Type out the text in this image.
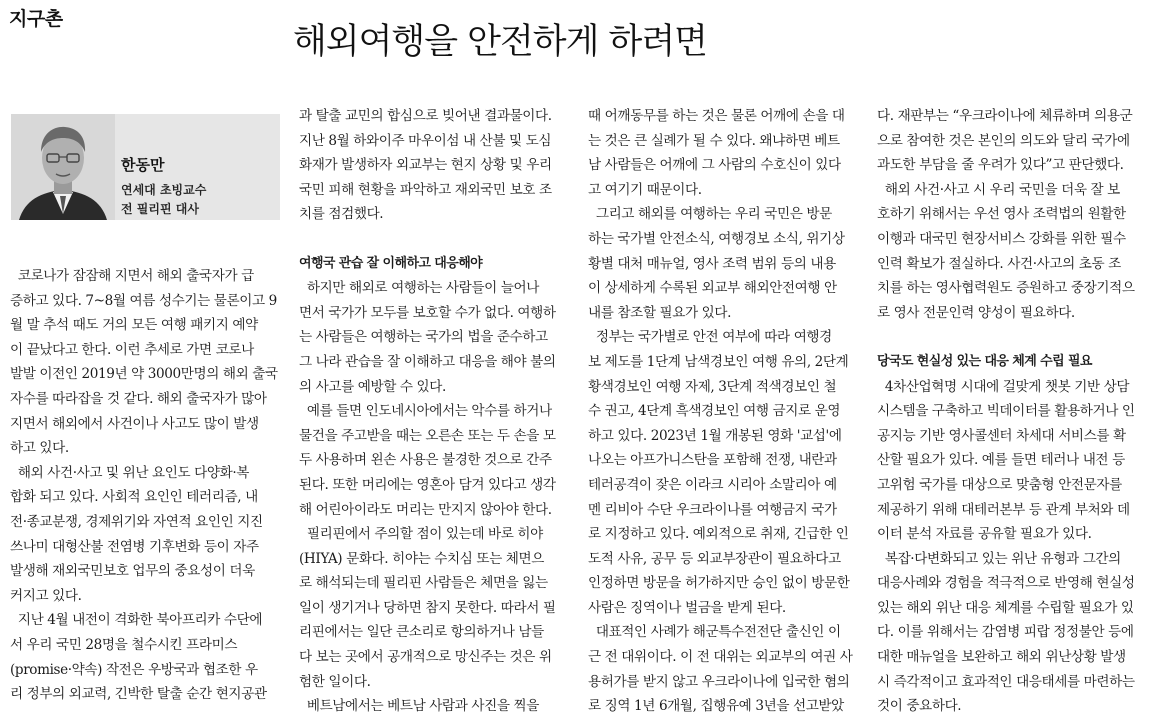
지구촌
해외여행을 안전하게 하려면

한동만

연세대 초빙교수

전 필리핀 대사

코로나가 잠잠해 지면서 해외 출국자가 급
증하고 있다. 7~8월 여름 성수기는 물론이고 9
월 말 추석 때도 거의 모든 여행 패키지 예약
이 끝났다고 한다. 이런 추세로 가면 코로나
발발 이전인 2019년 약 3000만명의 해외 출국
자수를 따라잡을 것 같다. 해외 출국자가 많아
지면서 해외에서 사건이나 사고도 많이 발생
하고 있다.
해외 사건·사고 및 위난 요인도 다양화·복
합화 되고 있다. 사회적 요인인 테러리즘, 내
전·종교분쟁, 경제위기와 자연적 요인인 지진
쓰나미 대형산불 전염병 기후변화 등이 자주
발생해 재외국민보호 업무의 중요성이 더욱
커지고 있다.
지난 4월 내전이 격화한 북아프리카 수단에
서 우리 국민 28명을 철수시킨 프라미스
(promise·약속) 작전은 우방국과 협조한 우
리 정부의 외교력, 긴박한 탈출 순간 현지공관
과 탈출 교민의 합심으로 빚어낸 결과물이다.
지난 8월 하와이주 마우이섬 내 산불 및 도심
화재가 발생하자 외교부는 현지 상황 및 우리
국민 피해 현황을 파악하고 재외국민 보호 조
치를 점검했다.
여행국 관습 잘 이해하고 대응해야
하지만 해외로 여행하는 사람들이 늘어나
면서 국가가 모두를 보호할 수가 없다. 여행하
는 사람들은 여행하는 국가의 법을 준수하고
그 나라 관습을 잘 이해하고 대응을 해야 불의
의 사고를 예방할 수 있다.
예를 들면 인도네시아에서는 악수를 하거나
물건을 주고받을 때는 오른손 또는 두 손을 모
두 사용하며 왼손 사용은 불경한 것으로 간주
된다. 또한 머리에는 영혼아 담겨 있다고 생각
해 어린아이라도 머리는 만지지 않아야 한다.
필리핀에서 주의할 점이 있는데 바로 히야
(HIYA) 문화다. 히야는 수치심 또는 체면으
로 해석되는데 필리핀 사람들은 체면을 잃는
일이 생기거나 당하면 참지 못한다. 따라서 필
리핀에서는 일단 큰소리로 항의하거나 남들
다 보는 곳에서 공개적으로 망신주는 것은 위
험한 일이다.
베트남에서는 베트남 사람과 사진을 찍을
때 어깨동무를 하는 것은 물론 어깨에 손을 대
는 것은 큰 실례가 될 수 있다. 왜냐하면 베트
남 사람들은 어깨에 그 사람의 수호신이 있다
고 여기기 때문이다.
그리고 해외를 여행하는 우리 국민은 방문
하는 국가별 안전소식, 여행경보 소식, 위기상
황별 대처 매뉴얼, 영사 조력 범위 등의 내용
이 상세하게 수록된 외교부 해외안전여행 안
내를 참조할 필요가 있다.
정부는 국가별로 안전 여부에 따라 여행경
보 제도를 1단계 남색경보인 여행 유의, 2단계
황색경보인 여행 자제, 3단계 적색경보인 철
수 권고, 4단계 흑색경보인 여행 금지로 운영
하고 있다. 2023년 1월 개봉된 영화 '교섭'에
나오는 아프가니스탄을 포함해 전쟁, 내란과
테러공격이 잦은 이라크 시리아 소말리아 예
멘 리비아 수단 우크라이나를 여행금지 국가
로 지정하고 있다. 예외적으로 취재, 긴급한 인
도적 사유, 공무 등 외교부장관이 필요하다고
인정하면 방문을 허가하지만 승인 없이 방문한
사람은 징역이나 벌금을 받게 된다.
대표적인 사례가 해군특수전전단 출신인 이
근 전 대위이다. 이 전 대위는 외교부의 여권 사
용허가를 받지 않고 우크라이나에 입국한 혐의
로 징역 1년 6개월, 집행유예 3년을 선고받았
다. 재판부는 “우크라이나에 체류하며 의용군
으로 참여한 것은 본인의 의도와 달리 국가에
과도한 부담을 줄 우려가 있다”고 판단했다.
해외 사건·사고 시 우리 국민을 더욱 잘 보
호하기 위해서는 우선 영사 조력법의 원활한
이행과 대국민 현장서비스 강화를 위한 필수
인력 확보가 절실하다. 사건·사고의 초동 조
치를 하는 영사협력원도 증원하고 중장기적으
로 영사 전문인력 양성이 필요하다.
당국도 현실성 있는 대응 체계 수립 필요
4차산업혁명 시대에 걸맞게 챗봇 기반 상담
시스템을 구축하고 빅데이터를 활용하거나 인
공지능 기반 영사콜센터 차세대 서비스를 확
산할 필요가 있다. 예를 들면 테러나 내전 등
고위험 국가를 대상으로 맞춤형 안전문자를
제공하기 위해 대테러본부 등 관계 부처와 데
이터 분석 자료를 공유할 필요가 있다.
복잡·다변화되고 있는 위난 유형과 그간의
대응사례와 경험을 적극적으로 반영해 현실성
있는 해외 위난 대응 체계를 수립할 필요가 있
다. 이를 위해서는 감염병 피랍 정정불안 등에
대한 매뉴얼을 보완하고 해외 위난상황 발생
시 즉각적이고 효과적인 대응태세를 마련하는
것이 중요하다.
